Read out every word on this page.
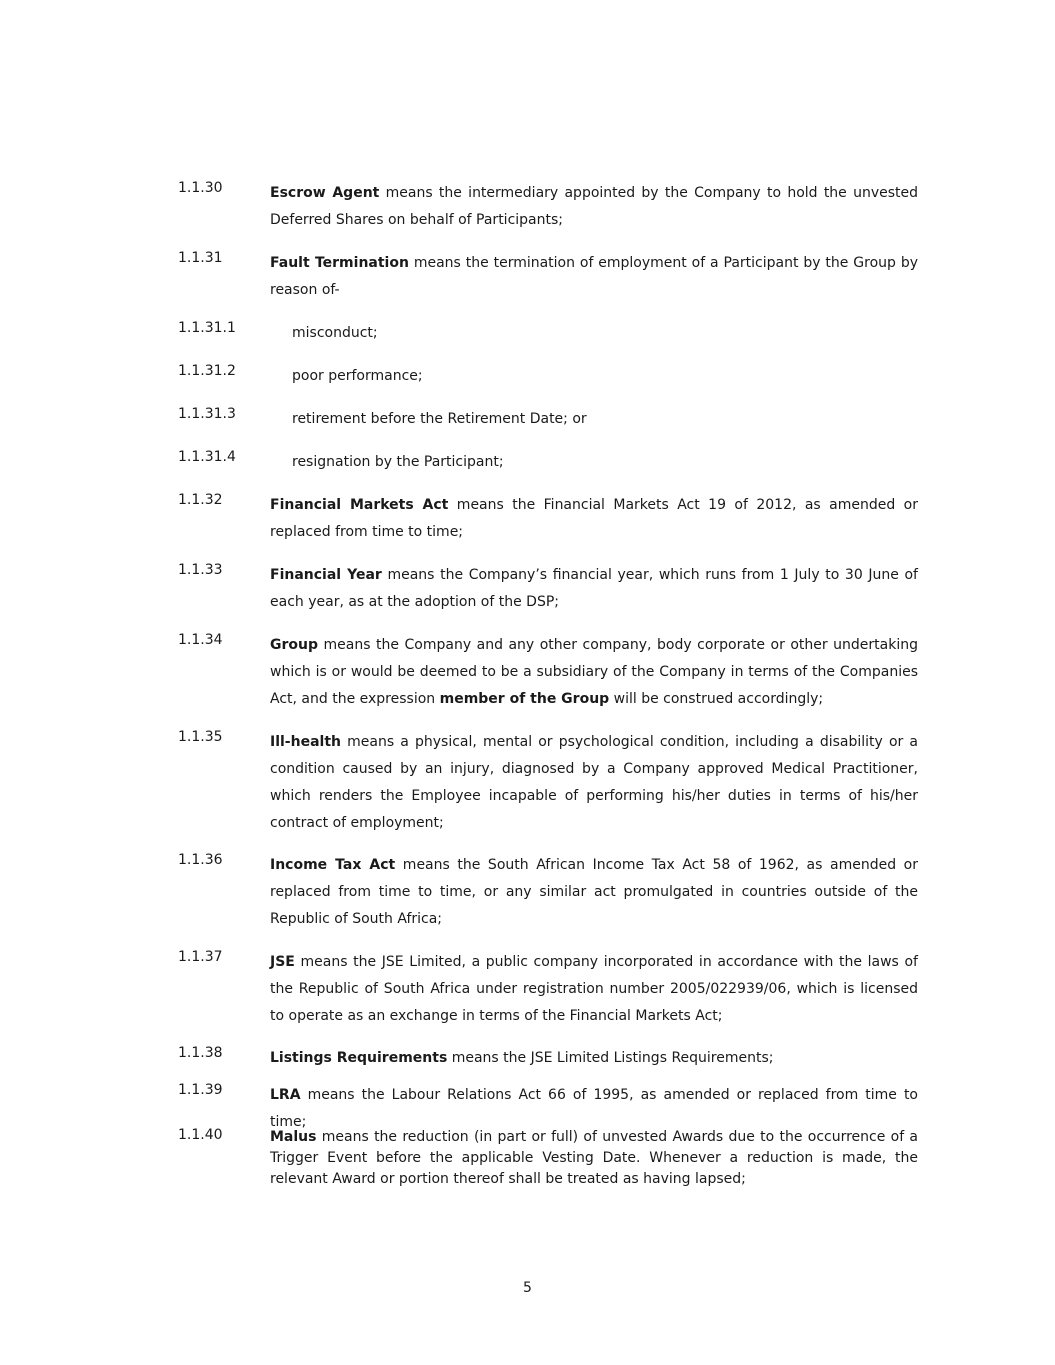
1.1.30	Escrow Agent means the intermediary appointed by the Company to hold the unvested Deferred Shares on behalf of Participants;
1.1.31	Fault Termination means the termination of employment of a Participant by the Group by reason of-
1.1.31.1	misconduct;
1.1.31.2	poor performance;
1.1.31.3	retirement before the Retirement Date; or
1.1.31.4	resignation by the Participant;
1.1.32	Financial Markets Act means the Financial Markets Act 19 of 2012, as amended or replaced from time to time;
1.1.33	Financial Year means the Company’s financial year, which runs from 1 July to 30 June of each year, as at the adoption of the DSP;
1.1.34	Group means the Company and any other company, body corporate or other undertaking which is or would be deemed to be a subsidiary of the Company in terms of the Companies Act, and the expression member of the Group will be construed accordingly;
1.1.35	Ill-health means a physical, mental or psychological condition, including a disability or a condition caused by an injury, diagnosed by a Company approved Medical Practitioner, which renders the Employee incapable of performing his/her duties in terms of his/her contract of employment;
1.1.36	Income Tax Act means the South African Income Tax Act 58 of 1962, as amended or replaced from time to time, or any similar act promulgated in countries outside of the Republic of South Africa;
1.1.37	JSE means the JSE Limited, a public company incorporated in accordance with the laws of the Republic of South Africa under registration number 2005/022939/06, which is licensed to operate as an exchange in terms of the Financial Markets Act;
1.1.38	Listings Requirements means the JSE Limited Listings Requirements;
1.1.39	LRA means the Labour Relations Act 66 of 1995, as amended or replaced from time to time;
1.1.40	Malus means the reduction (in part or full) of unvested Awards due to the occurrence of a Trigger Event before the applicable Vesting Date. Whenever a reduction is made, the relevant Award or portion thereof shall be treated as having lapsed;
5
